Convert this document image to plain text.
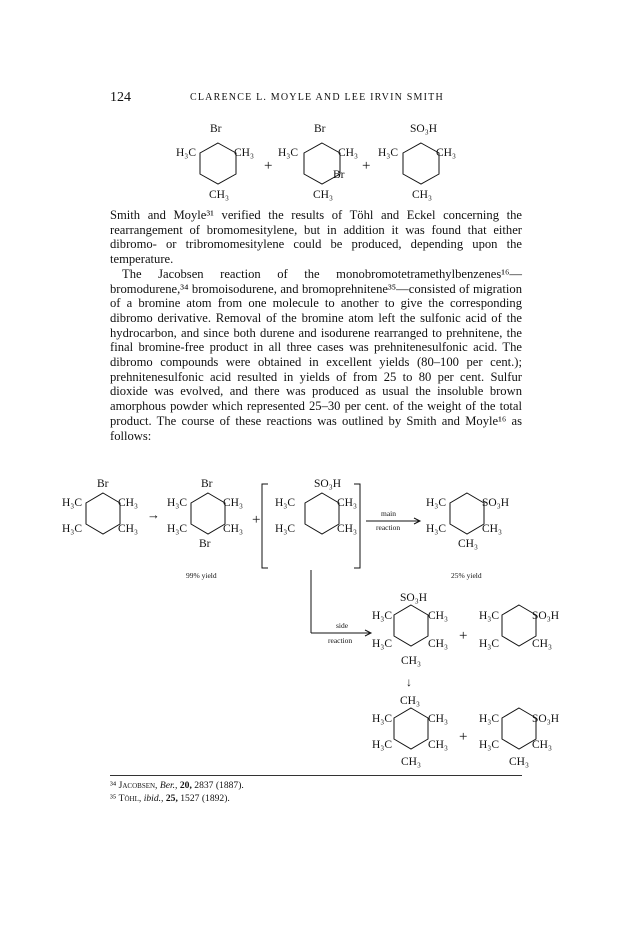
124	CLARENCE L. MOYLE AND LEE IRVIN SMITH
Br	Br	SO₃H
H₃C	CH₃ H₃C	CH₃ H₃C	CH₃
+	+
Br
CH₃	CH₃	CH₃
Br	Br	SO₃H
H₃C	CH₃
H₃C	CH₃
→
H₃C	CH₃
H₃C	CH₃
Br
+
H₃C	CH₃
H₃C	CH₃
main
reaction
H₃C	SO₃H
H₃C	CH₃
CH₃
99% yield	25% yield
SO₃H
side
reaction
H₃C	CH₃
H₃C	CH₃
CH₃
+
H₃C	SO₃H
H₃C	CH₃
↓
CH₃
H₃C	CH₃
H₃C	CH₃
CH₃
+
H₃C	SO₃H
H₃C	CH₃
CH₃

Smith and Moyle³¹ verified the results of Töhl and Eckel concerning the rearrangement of bromomesitylene, but in addition it was found that either dibromo- or tribromomesitylene could be produced, depending upon the temperature.

The Jacobsen reaction of the monobromotetramethylbenzenes¹⁶— bromodurene,³⁴ bromoisodurene, and bromoprehnitene³⁵—consisted of migration of a bromine atom from one molecule to another to give the corresponding dibromo derivative. Removal of the bromine atom left the sulfonic acid of the hydrocarbon, and since both durene and isodurene rearranged to prehnitene, the final bromine-free product in all three cases was prehnitenesulfonic acid. The dibromo compounds were obtained in excellent yields (80–100 per cent.); prehnitenesulfonic acid resulted in yields of from 25 to 80 per cent. Sulfur dioxide was evolved, and there was produced as usual the insoluble brown amorphous powder which represented 25–30 per cent. of the weight of the total product. The course of these reactions was outlined by Smith and Moyle¹⁶ as follows:

³⁴ Jacobsen, Ber., 20, 2837 (1887).
³⁵ Töhl, ibid., 25, 1527 (1892).
